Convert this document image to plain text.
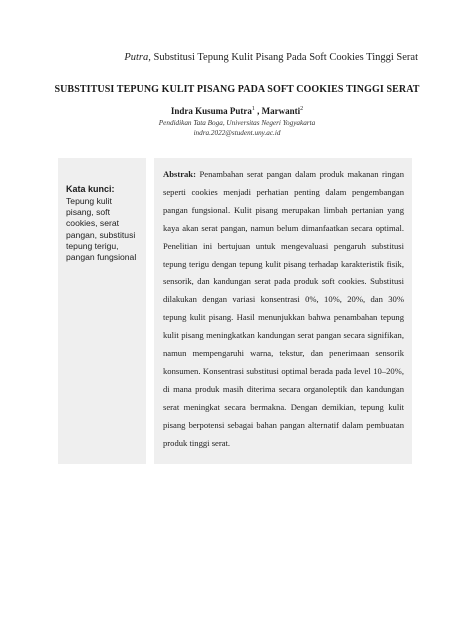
Putra, Substitusi Tepung Kulit Pisang Pada Soft Cookies Tinggi Serat
SUBSTITUSI TEPUNG KULIT PISANG PADA SOFT COOKIES TINGGI SERAT
Indra Kusuma Putra$^1$ , Marwanti$^2$
Pendidikan Tata Boga, Universitas Negeri Yogyakarta
indra.2022@student.uny.ac.id
Kata kunci:
Tepung kulit pisang, soft cookies, serat pangan, substitusi tepung terigu, pangan fungsional
Abstrak: Penambahan serat pangan dalam produk makanan ringan seperti cookies menjadi perhatian penting dalam pengembangan pangan fungsional. Kulit pisang merupakan limbah pertanian yang kaya akan serat pangan, namun belum dimanfaatkan secara optimal. Penelitian ini bertujuan untuk mengevaluasi pengaruh substitusi tepung terigu dengan tepung kulit pisang terhadap karakteristik fisik, sensorik, dan kandungan serat pada produk soft cookies. Substitusi dilakukan dengan variasi konsentrasi 0%, 10%, 20%, dan 30% tepung kulit pisang. Hasil menunjukkan bahwa penambahan tepung kulit pisang meningkatkan kandungan serat pangan secara signifikan, namun mempengaruhi warna, tekstur, dan penerimaan sensorik konsumen. Konsentrasi substitusi optimal berada pada level 10–20%, di mana produk masih diterima secara organoleptik dan kandungan serat meningkat secara bermakna. Dengan demikian, tepung kulit pisang berpotensi sebagai bahan pangan alternatif dalam pembuatan produk tinggi serat.
